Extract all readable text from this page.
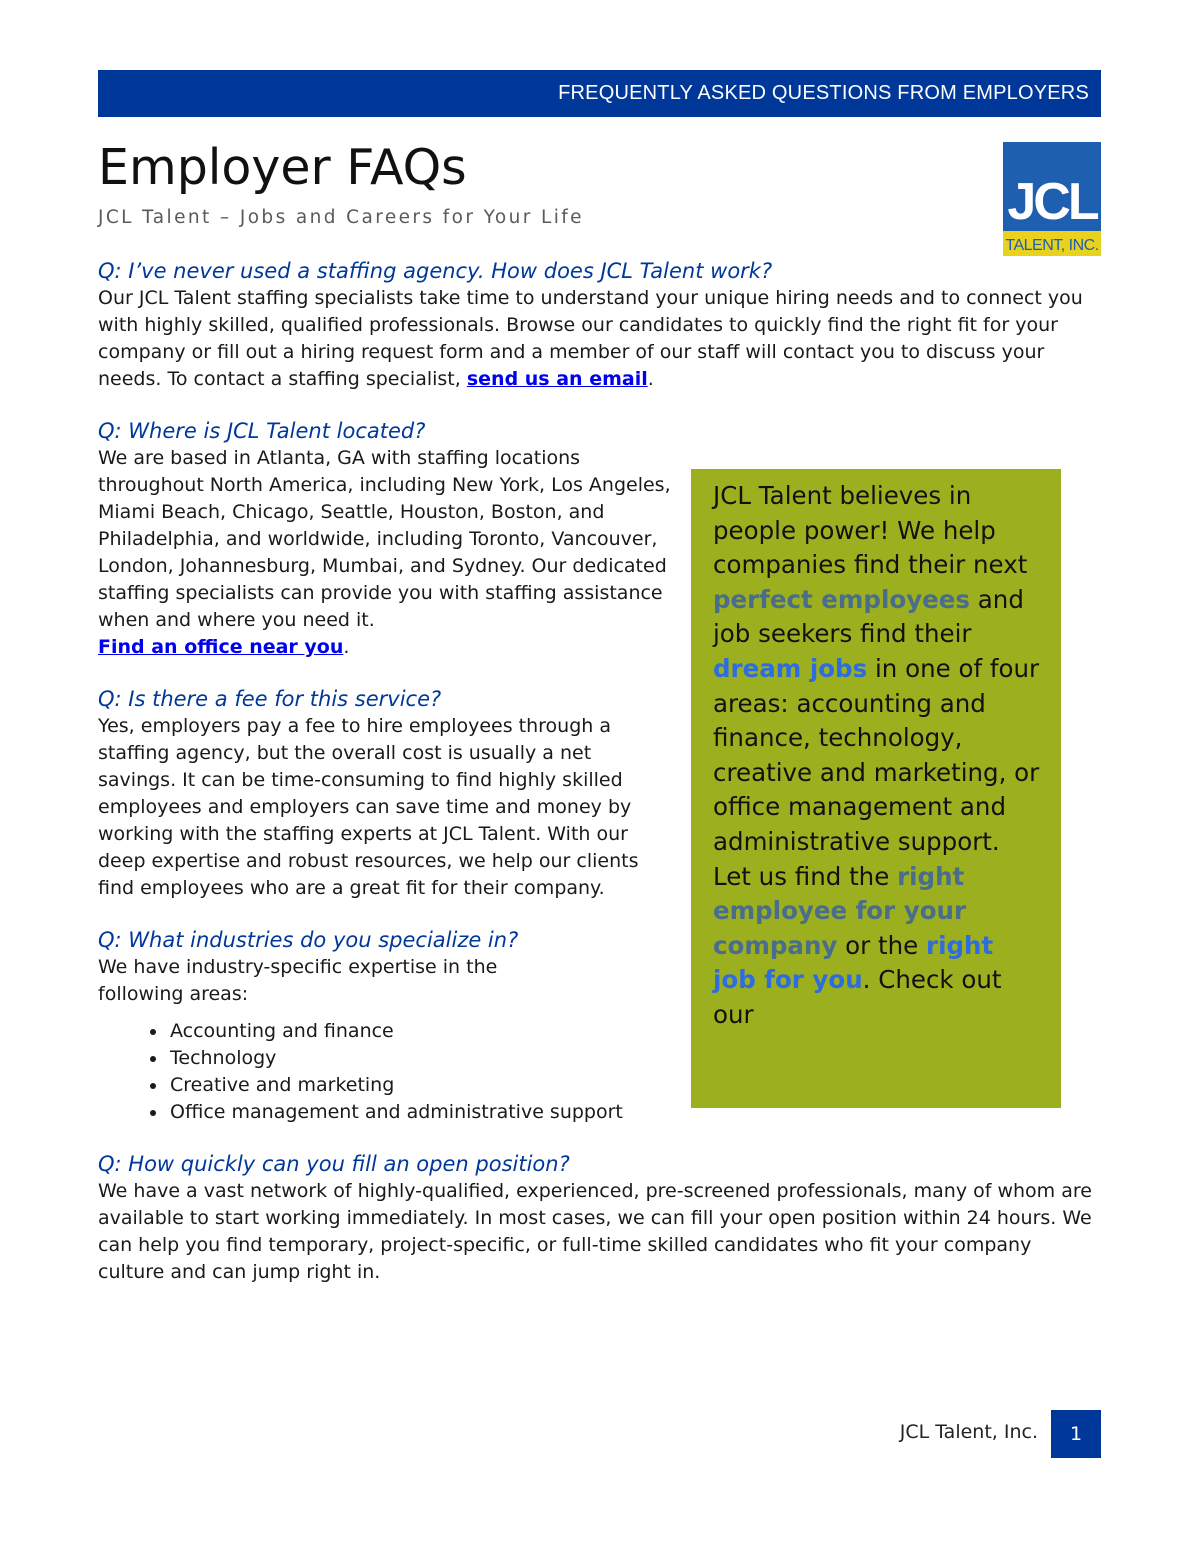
FREQUENTLY ASKED QUESTIONS FROM EMPLOYERS
Employer FAQs
JCL Talent – Jobs and Careers for Your Life	JCL
TALENT, INC.

Q: I’ve never used a staffing agency. How does JCL Talent work?

Our JCL Talent staffing specialists take time to understand your unique hiring needs and to connect you with highly skilled, qualified professionals. Browse our candidates to quickly find the right fit for your company or fill out a hiring request form and a member of our staff will contact you to discuss your needs. To contact a staffing specialist, send us an email.

Q: Where is JCL Talent located?

We are based in Atlanta, GA with staffing locations throughout North America, including New York, Los Angeles, Miami Beach, Chicago, Seattle, Houston, Boston, and Philadelphia, and worldwide, including Toronto, Vancouver, London, Johannesburg, Mumbai, and Sydney. Our dedicated staffing specialists can provide you with staffing assistance when and where you need it.
Find an office near you.

Q: Is there a fee for this service?

Yes, employers pay a fee to hire employees through a staffing agency, but the overall cost is usually a net savings. It can be time-consuming to find highly skilled employees and employers can save time and money by working with the staffing experts at JCL Talent. With our deep expertise and robust resources, we help our clients find employees who are a great fit for their company.

Q: What industries do you specialize in?

We have industry-specific expertise in the following areas:

• Accounting and finance
• Technology
• Creative and marketing
• Office management and administrative support

Q: How quickly can you fill an open position?

We have a vast network of highly-qualified, experienced, pre-screened professionals, many of whom are available to start working immediately. In most cases, we can fill your open position within 24 hours. We can help you find temporary, project-specific, or full-time skilled candidates who fit your company culture and can jump right in.

JCL Talent believes in people power! We help companies find their next perfect employees and job seekers find their dream jobs in one of four areas: accounting and finance, technology, creative and marketing, or office management and administrative support. Let us find the right employee for your company or the right job for you. Check out our
JCL Talent, Inc.	1
